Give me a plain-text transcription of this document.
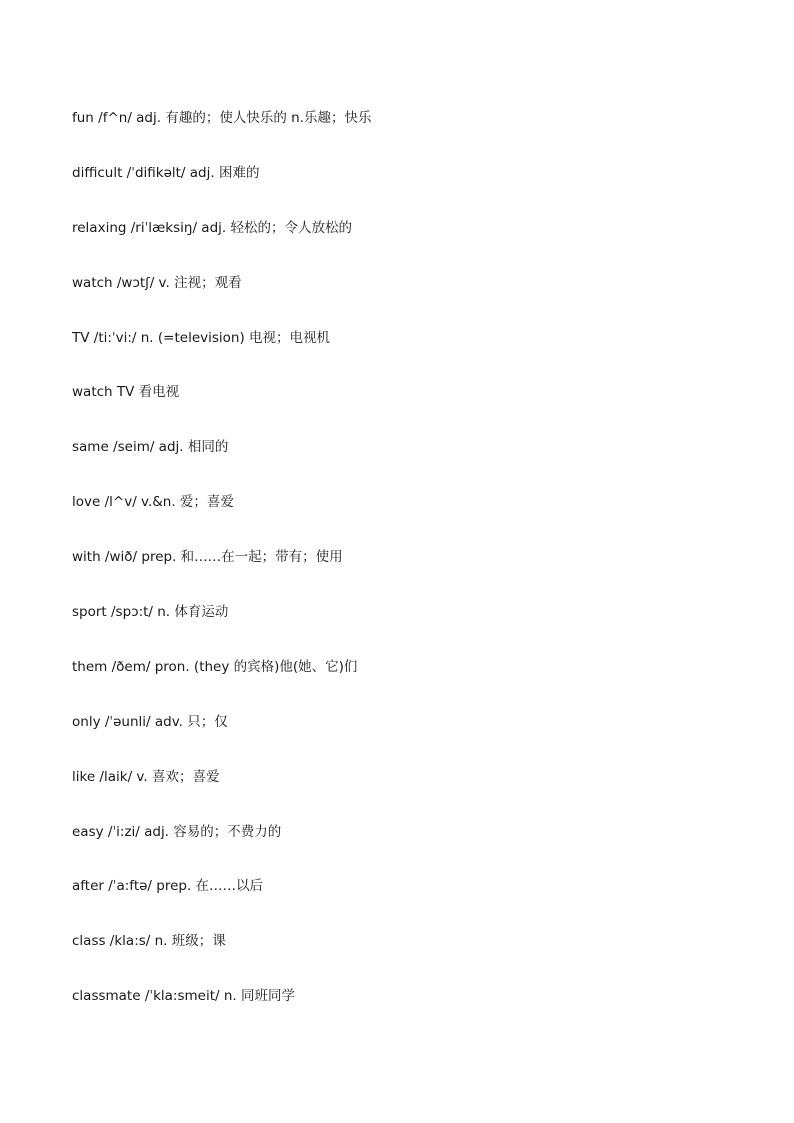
fun /f^n/ adj. 有趣的；使人快乐的 n.乐趣；快乐
difficult /ˈdifikəlt/ adj. 困难的
relaxing /riˈlæksiŋ/ adj. 轻松的；令人放松的
watch /wɔtʃ/ v. 注视；观看
TV /ti:ˈvi:/ n. (=television) 电视；电视机
watch TV 看电视
same /seim/ adj. 相同的
love /l^v/ v.&n. 爱；喜爱
with /wið/ prep. 和……在一起；带有；使用
sport /spɔ:t/ n. 体育运动
them /ðem/ pron. (they 的宾格)他(她、它)们
only /ˈəunli/ adv. 只；仅
like /laik/ v. 喜欢；喜爱
easy /ˈi:zi/ adj. 容易的；不费力的
after /ˈa:ftə/ prep. 在……以后
class /kla:s/ n. 班级；课
classmate /ˈkla:smeit/ n. 同班同学
